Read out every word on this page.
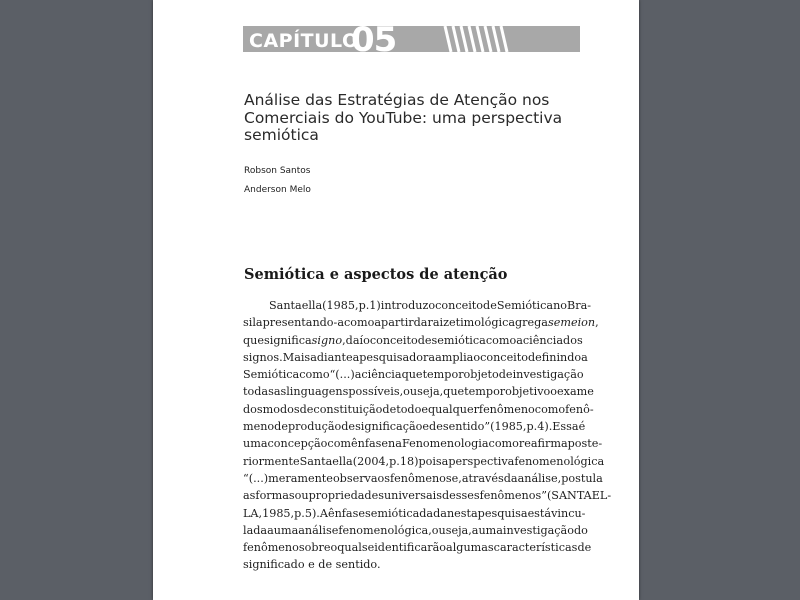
CAPÍTULO
05
Análise das Estratégias de Atenção nos
Comerciais do YouTube: uma perspectiva
semiótica
Robson Santos
Anderson Melo
Semiótica e aspectos de atenção
Santaella (1985, p. 1) introduz o conceito de Semiótica no Bra-
sil apresentando-a como a partir da raiz etimológica grega semeion,
que significa signo, daí o conceito de semiótica como a ciência dos
signos. Mais adiante a pesquisadora amplia o conceito definindo a
Semiótica como “(...) a ciência que tem por objeto de investigação
todas as linguagens possíveis, ou seja, que tem por objetivo o exame
dos modos de constituição de todo e qualquer fenômeno como fenô-
meno de produção de significação e de sentido” (1985, p. 4). Essa é
uma concepção com ênfase na Fenomenologia como reafirma poste-
riormente Santaella (2004, p. 18) pois a perspectiva fenomenológica
“(...) meramente observa os fenômenos e, através da análise, postula
as formas ou propriedades universais desses fenômenos” (SANTAEL-
LA, 1985, p. 5). A ênfase semiótica dada nesta pesquisa está vincu-
lada a uma análise fenomenológica, ou seja, a uma investigação do
fenômeno sobre o qual se identificarão algumas características de
significado e de sentido.
